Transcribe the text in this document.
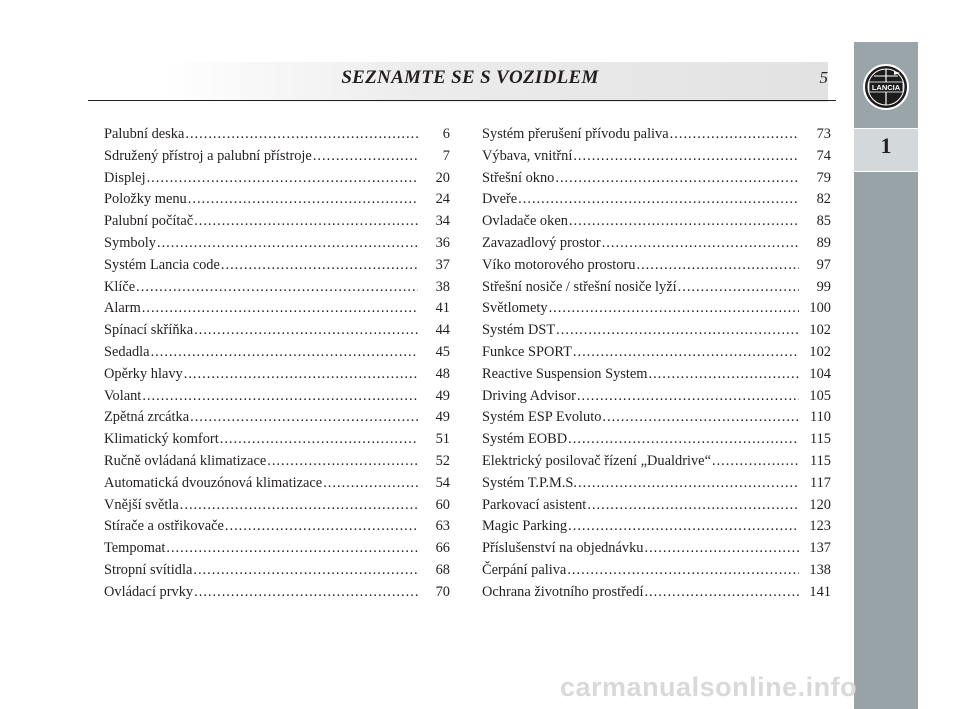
SEZNAMTE SE S VOZIDLEM	5
LANCIA
1
Palubní deska .....	6
Sdružený přístroj a palubní přístroje .....	7
Displej .....	20
Položky menu .....	24
Palubní počítač .....	34
Symboly .....	36
Systém Lancia code .....	37
Klíče .....	38
Alarm .....	41
Spínací skříňka .....	44
Sedadla .....	45
Opěrky hlavy .....	48
Volant .....	49
Zpětná zrcátka .....	49
Klimatický komfort .....	51
Ručně ovládaná klimatizace .....	52
Automatická dvouzónová klimatizace .....	54
Vnější světla .....	60
Stírače a ostřikovače .....	63
Tempomat .....	66
Stropní svítidla .....	68
Ovládací prvky .....	70
Systém přerušení přívodu paliva .....	73
Výbava, vnitřní .....	74
Střešní okno .....	79
Dveře .....	82
Ovladače oken .....	85
Zavazadlový prostor .....	89
Víko motorového prostoru .....	97
Střešní nosiče / střešní nosiče lyží .....	99
Světlomety .....	100
Systém DST .....	102
Funkce SPORT .....	102
Reactive Suspension System .....	104
Driving Advisor .....	105
Systém ESP Evoluto .....	110
Systém EOBD .....	115
Elektrický posilovač řízení „Dualdrive“ .....	115
Systém T.P.M.S. .....	117
Parkovací asistent .....	120
Magic Parking .....	123
Příslušenství na objednávku .....	137
Čerpání paliva .....	138
Ochrana životního prostředí .....	141
carmanualsonline.info
